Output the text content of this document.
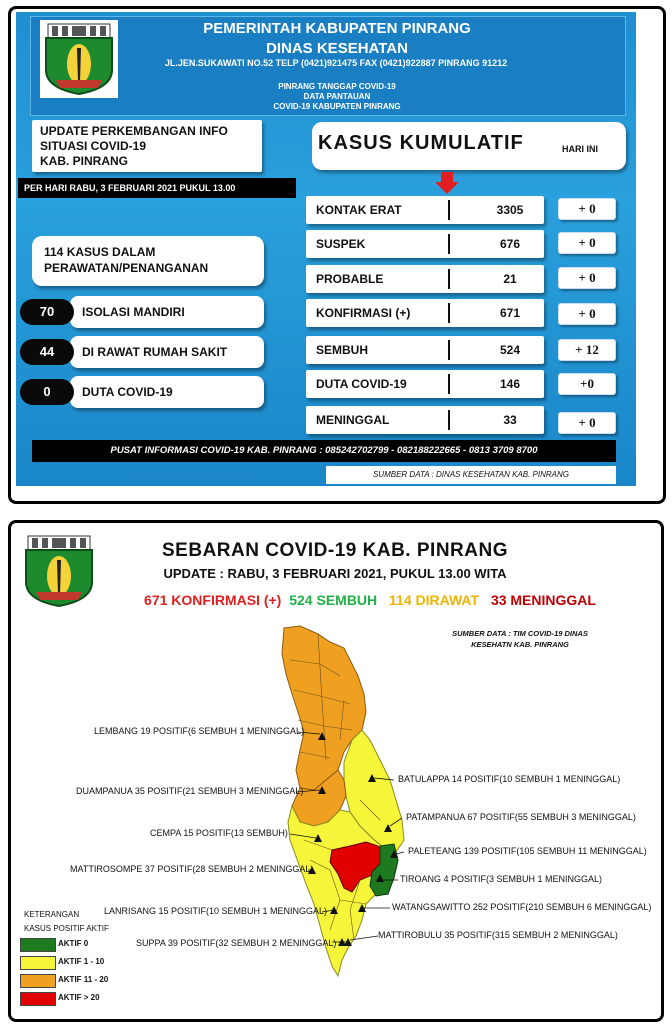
PEMERINTAH KABUPATEN PINRANG
DINAS KESEHATAN
JL.JEN.SUKAWATI NO.52 TELP (0421)921475 FAX (0421)922887 PINRANG 91212
PINRANG TANGGAP COVID-19
DATA PANTAUAN
COVID-19 KABUPATEN PINRANG
UPDATE PERKEMBANGAN INFO
SITUASI COVID-19
KAB. PINRANG
PER HARI RABU, 3 FEBRUARI 2021 PUKUL 13.00
KASUS KUMULATIF	HARI INI
114 KASUS DALAM
PERAWATAN/PENANGANAN
70	ISOLASI MANDIRI
44	DI RAWAT RUMAH SAKIT
0	DUTA COVID-19
KONTAK ERAT	3305	+ 0
SUSPEK	676	+ 0
PROBABLE	21	+ 0
KONFIRMASI (+)	671	+ 0
SEMBUH	524	+ 12
DUTA COVID-19	146	+0
MENINGGAL	33	+ 0
PUSAT INFORMASI COVID-19 KAB. PINRANG : 085242702799 - 082188222665 - 0813 3709 8700
SUMBER DATA : DINAS KESEHATAN KAB. PINRANG
SEBARAN COVID-19 KAB. PINRANG
UPDATE : RABU, 3 FEBRUARI 2021, PUKUL 13.00 WITA
671 KONFIRMASI (+) 524 SEMBUH 114 DIRAWAT 33 MENINGGAL
SUMBER DATA : TIM COVID-19 DINAS
KESEHATN KAB. PINRANG
LEMBANG 19 POSITIF(6 SEMBUH 1 MENINGGAL)
BATULAPPA 14 POSITIF(10 SEMBUH 1 MENINGGAL)
DUAMPANUA 35 POSITIF(21 SEMBUH 3 MENINGGAL)
PATAMPANUA 67 POSITIF(55 SEMBUH 3 MENINGGAL)
CEMPA 15 POSITIF(13 SEMBUH)
PALETEANG 139 POSITIF(105 SEMBUH 11 MENINGGAL)
MATTIROSOMPE 37 POSITIF(28 SEMBUH 2 MENINGGAL)
TIROANG 4 POSITIF(3 SEMBUH 1 MENINGGAL)
LANRISANG 15 POSITIF(10 SEMBUH 1 MENINGGAL)	WATANGSAWITTO 252 POSITIF(210 SEMBUH 6 MENINGGAL)
SUPPA 39 POSITIF(32 SEMBUH 2 MENINGGAL)
MATTIROBULU 35 POSITIF(315 SEMBUH 2 MENINGGAL)
KETERANGAN
KASUS POSITIF AKTIF
AKTIF 0
AKTIF 1 - 10
AKTIF 11 - 20
AKTIF > 20
